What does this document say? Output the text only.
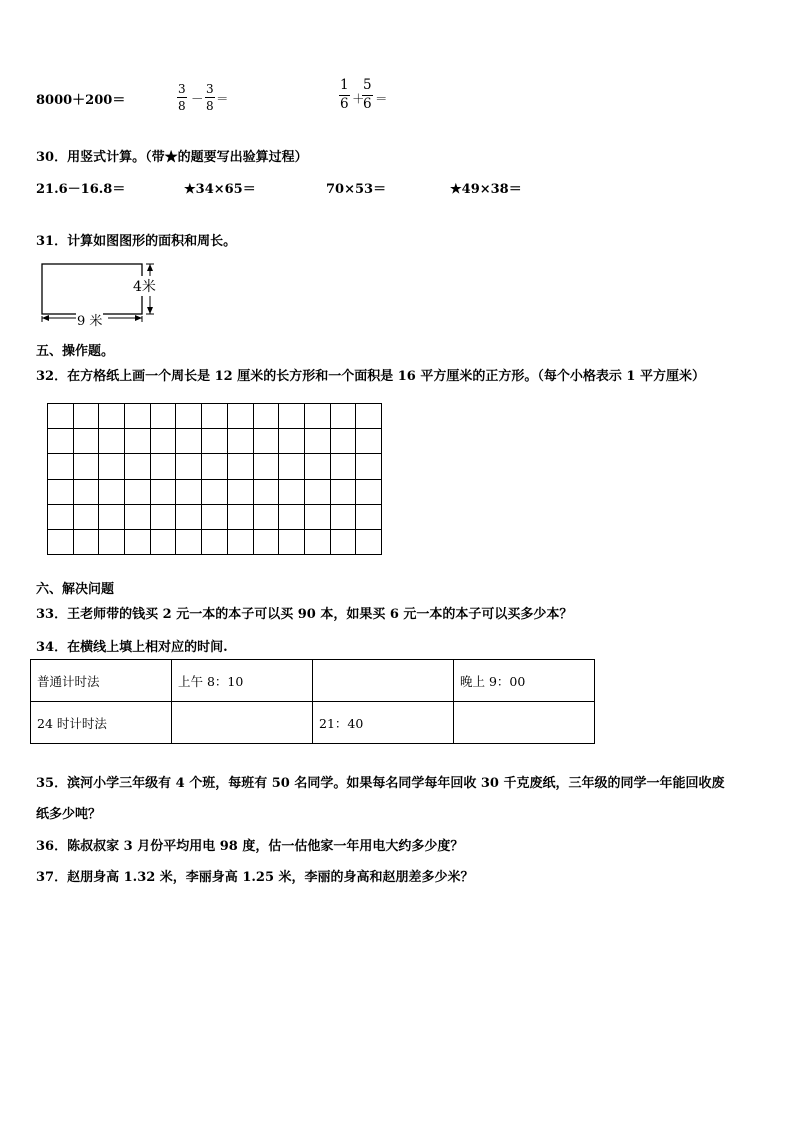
8000＋200＝	$\frac{3}{8} - \frac{3}{8}$ ＝	$\frac{1}{6}$ ＋
$\frac{5}{6}$ ＝
30．用竖式计算。（带★的题要写出验算过程）
21.6－16.8＝	★34×65＝	70×53＝	★49×38＝
31．计算如图图形的面积和周长。
4米
9 米
五、操作题。
32．在方格纸上画一个周长是 12 厘米的长方形和一个面积是 16 平方厘米的正方形。（每个小格表示 1 平方厘米）

六、解决问题
33．王老师带的钱买 2 元一本的本子可以买 90 本，如果买 6 元一本的本子可以买多少本？
34．在横线上填上相对应的时间.
普通计时法	上午 8：10		晚上 9：00
24 时计时法		21：40	
35．滨河小学三年级有 4 个班，每班有 50 名同学。如果每名同学每年回收 30 千克废纸，三年级的同学一年能回收废
纸多少吨？
36．陈叔叔家 3 月份平均用电 98 度，估一估他家一年用电大约多少度？
37．赵朋身高 1.32 米，李丽身高 1.25 米，李丽的身高和赵朋差多少米？
